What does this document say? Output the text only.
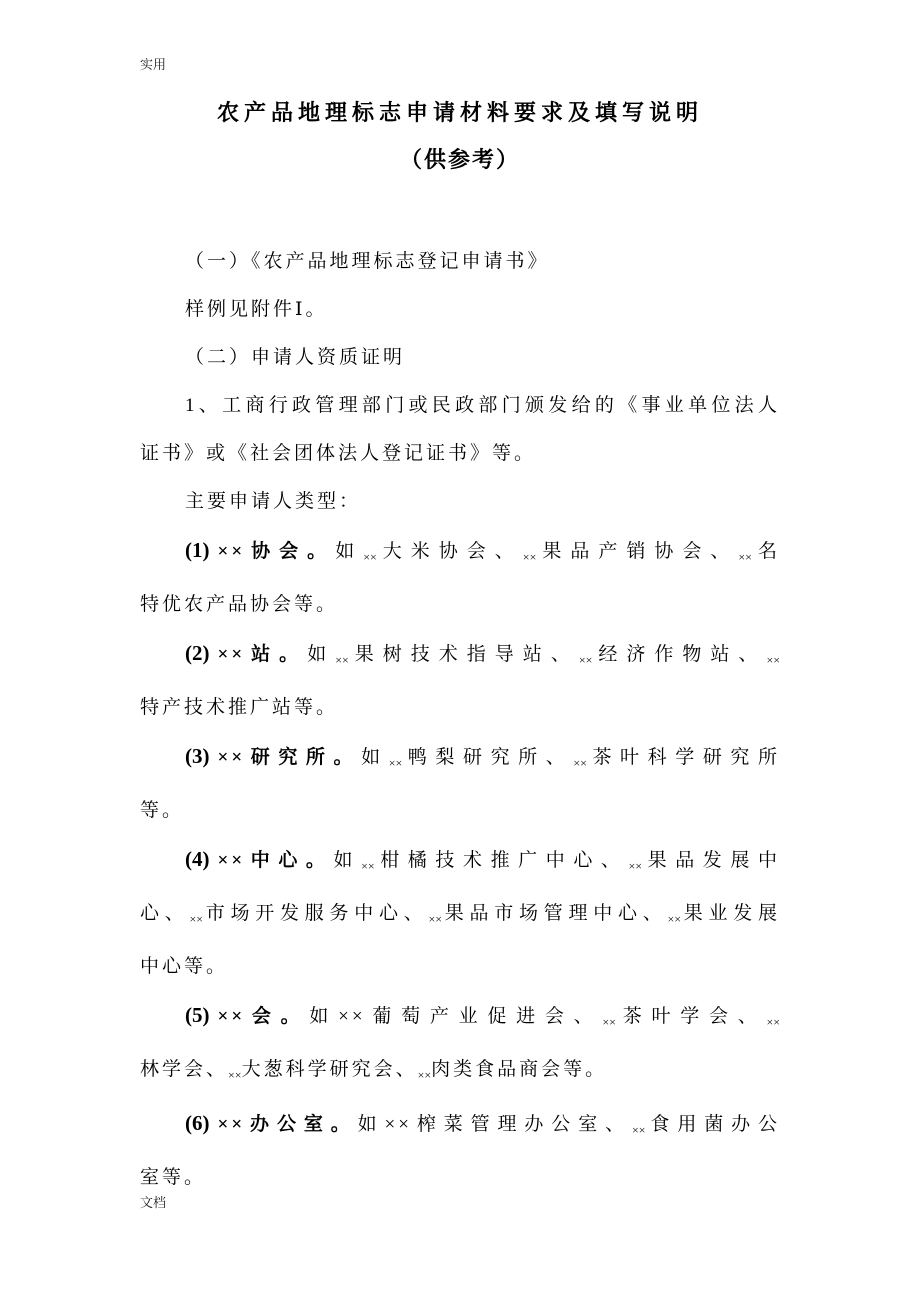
实用
农产品地理标志申请材料要求及填写说明
（供参考）
（一）《农产品地理标志登记申请书》
样例见附件Ⅰ。
（二）申请人资质证明
1、工商行政管理部门或民政部门颁发给的《事业单位法人
证书》或《社会团体法人登记证书》等。
主要申请人类型：
(1) ××协会。如$_{\times\times}$大米协会、$_{\times\times}$果品产销协会、$_{\times\times}$名
特优农产品协会等。
(2) ××站。如$_{\times\times}$果树技术指导站、$_{\times\times}$经济作物站、$_{\times\times}$
特产技术推广站等。
(3) ××研究所。如$_{\times\times}$鸭梨研究所、$_{\times\times}$茶叶科学研究所
等。
(4) ××中心。如$_{\times\times}$柑橘技术推广中心、$_{\times\times}$果品发展中
心、$_{\times\times}$市场开发服务中心、$_{\times\times}$果品市场管理中心、$_{\times\times}$果业发展
中心等。
(5) ××会。如××葡萄产业促进会、$_{\times\times}$茶叶学会、$_{\times\times}$
林学会、$_{\times\times}$大葱科学研究会、$_{\times\times}$肉类食品商会等。
(6) ××办公室。如××榨菜管理办公室、$_{\times\times}$食用菌办公
室等。
文档
